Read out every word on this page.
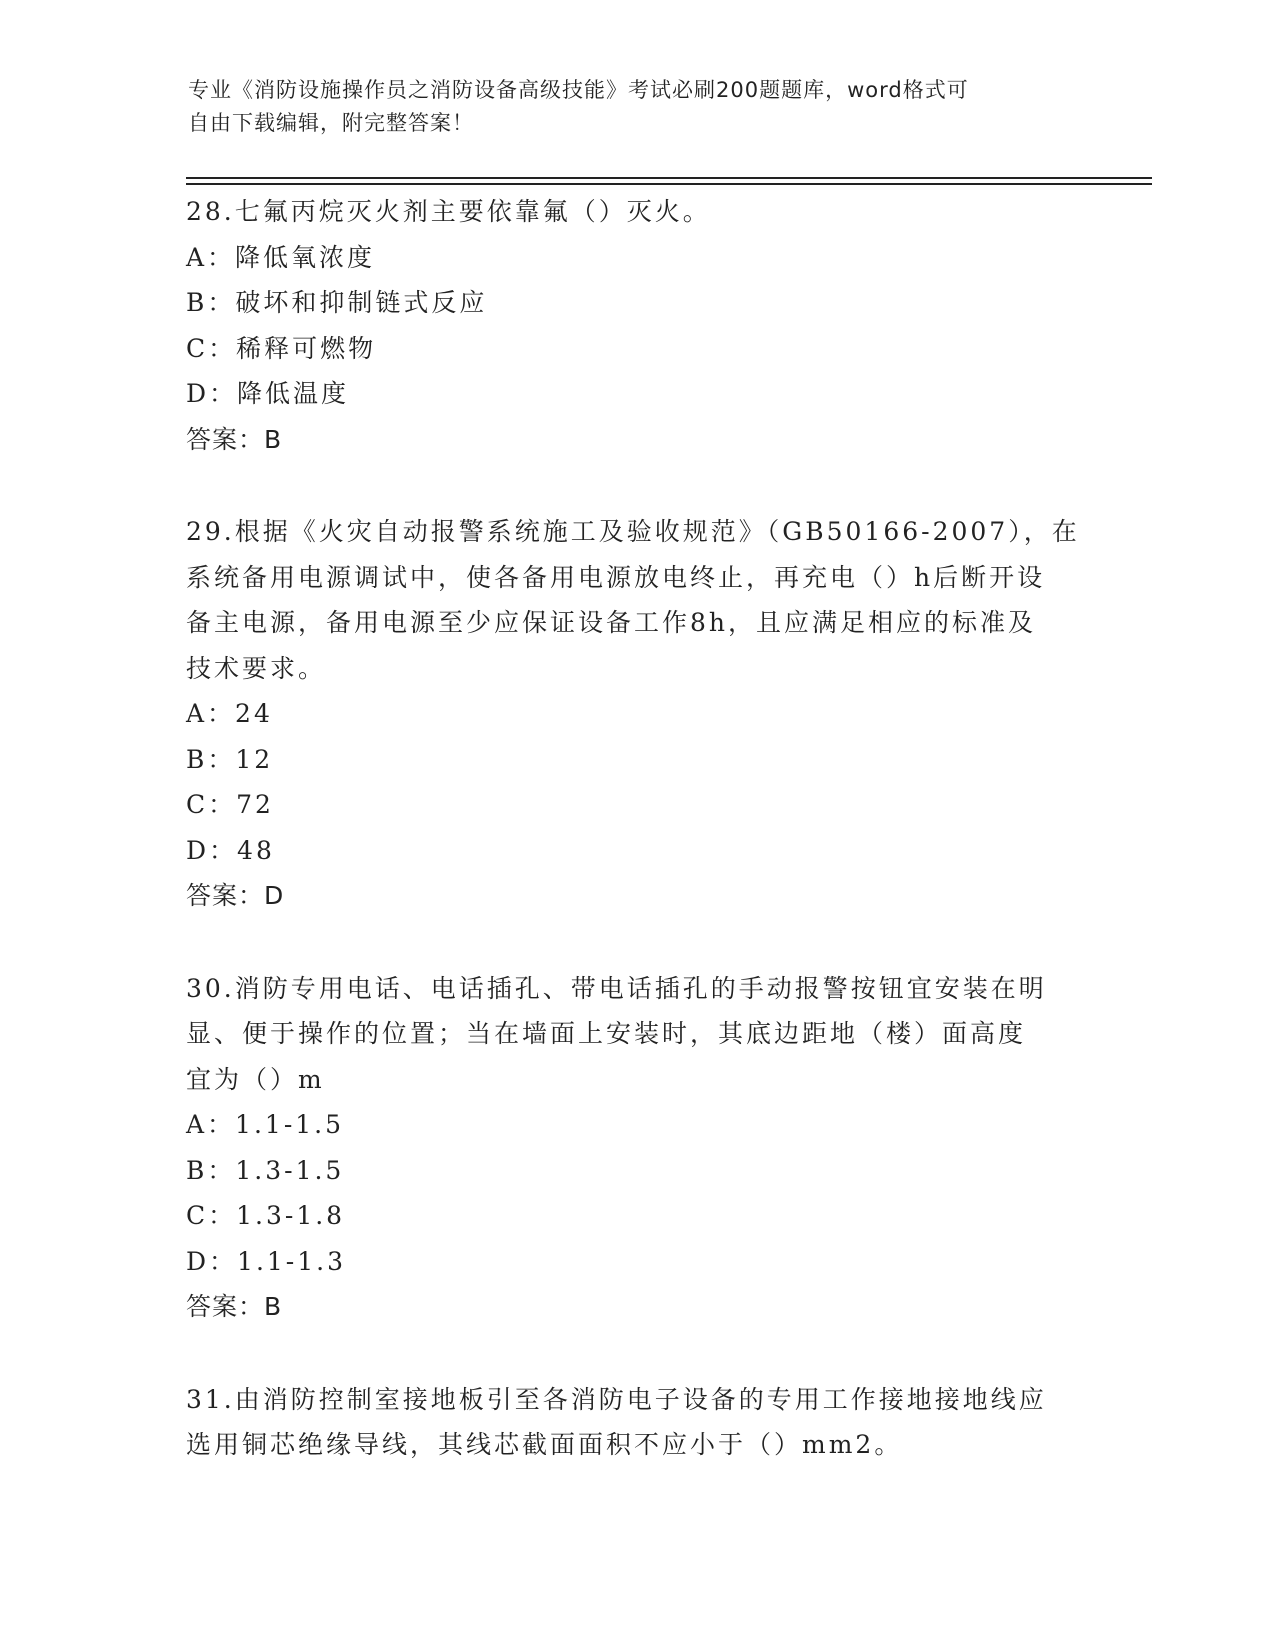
专业《消防设施操作员之消防设备高级技能》考试必刷200题题库，word格式可
自由下载编辑，附完整答案！
28.七氟丙烷灭火剂主要依靠氟（）灭火。
A：降低氧浓度
B：破坏和抑制链式反应
C：稀释可燃物
D：降低温度
答案：B
29.根据《火灾自动报警系统施工及验收规范》（GB50166-2007），在
系统备用电源调试中，使各备用电源放电终止，再充电（）h后断开设
备主电源，备用电源至少应保证设备工作8h，且应满足相应的标准及
技术要求。
A：24
B：12
C：72
D：48
答案：D
30.消防专用电话、电话插孔、带电话插孔的手动报警按钮宜安装在明
显、便于操作的位置；当在墙面上安装时，其底边距地（楼）面高度
宜为（）m
A：1.1-1.5
B：1.3-1.5
C：1.3-1.8
D：1.1-1.3
答案：B
31.由消防控制室接地板引至各消防电子设备的专用工作接地接地线应
选用铜芯绝缘导线，其线芯截面面积不应小于（）mm2。
